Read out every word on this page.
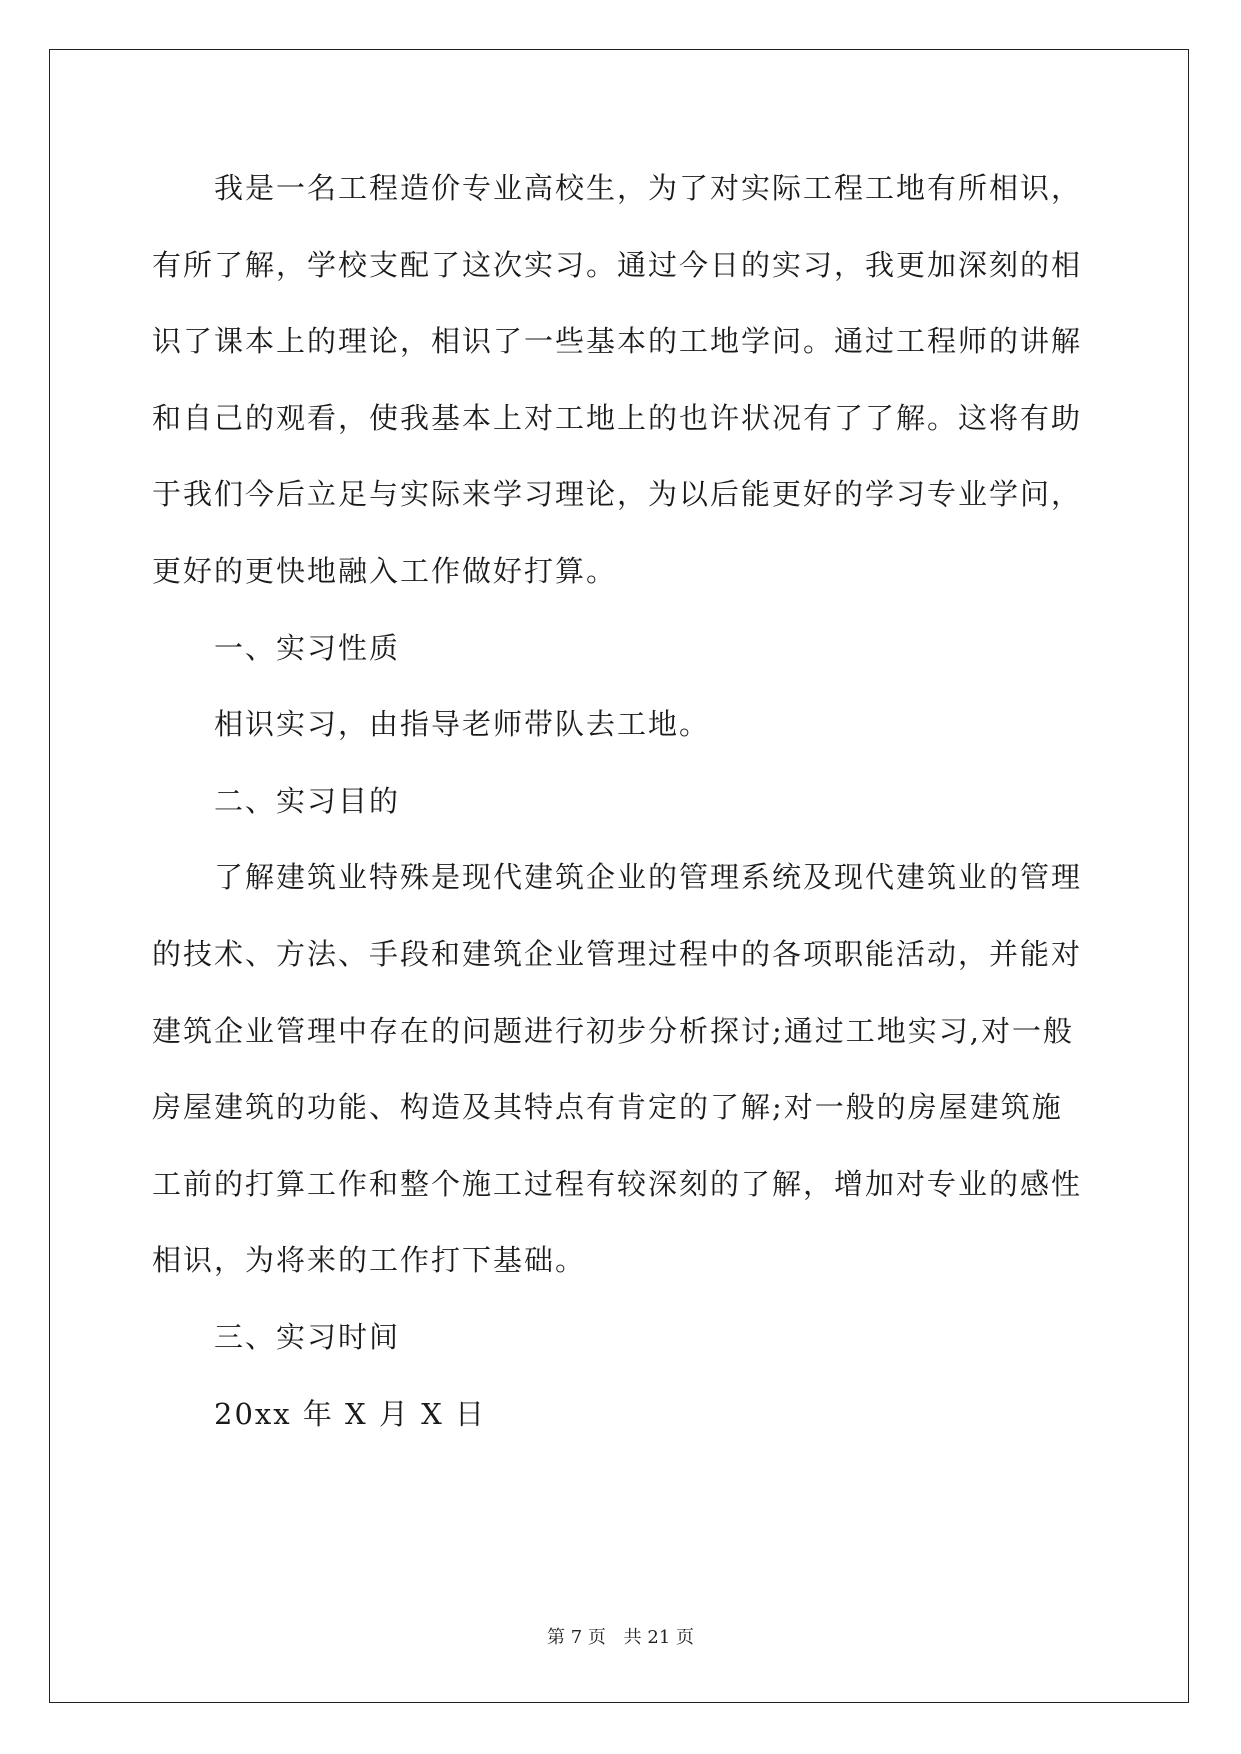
我是一名工程造价专业高校生，为了对实际工程工地有所相识，
有所了解，学校支配了这次实习。通过今日的实习，我更加深刻的相
识了课本上的理论，相识了一些基本的工地学问。通过工程师的讲解
和自己的观看，使我基本上对工地上的也许状况有了了解。这将有助
于我们今后立足与实际来学习理论，为以后能更好的学习专业学问，
更好的更快地融入工作做好打算。
一、实习性质
相识实习，由指导老师带队去工地。
二、实习目的
了解建筑业特殊是现代建筑企业的管理系统及现代建筑业的管理
的技术、方法、手段和建筑企业管理过程中的各项职能活动，并能对
建筑企业管理中存在的问题进行初步分析探讨;通过工地实习,对一般
房屋建筑的功能、构造及其特点有肯定的了解;对一般的房屋建筑施
工前的打算工作和整个施工过程有较深刻的了解，增加对专业的感性
相识，为将来的工作打下基础。
三、实习时间
20xx 年 X 月 X 日
第 7 页 共 21 页
